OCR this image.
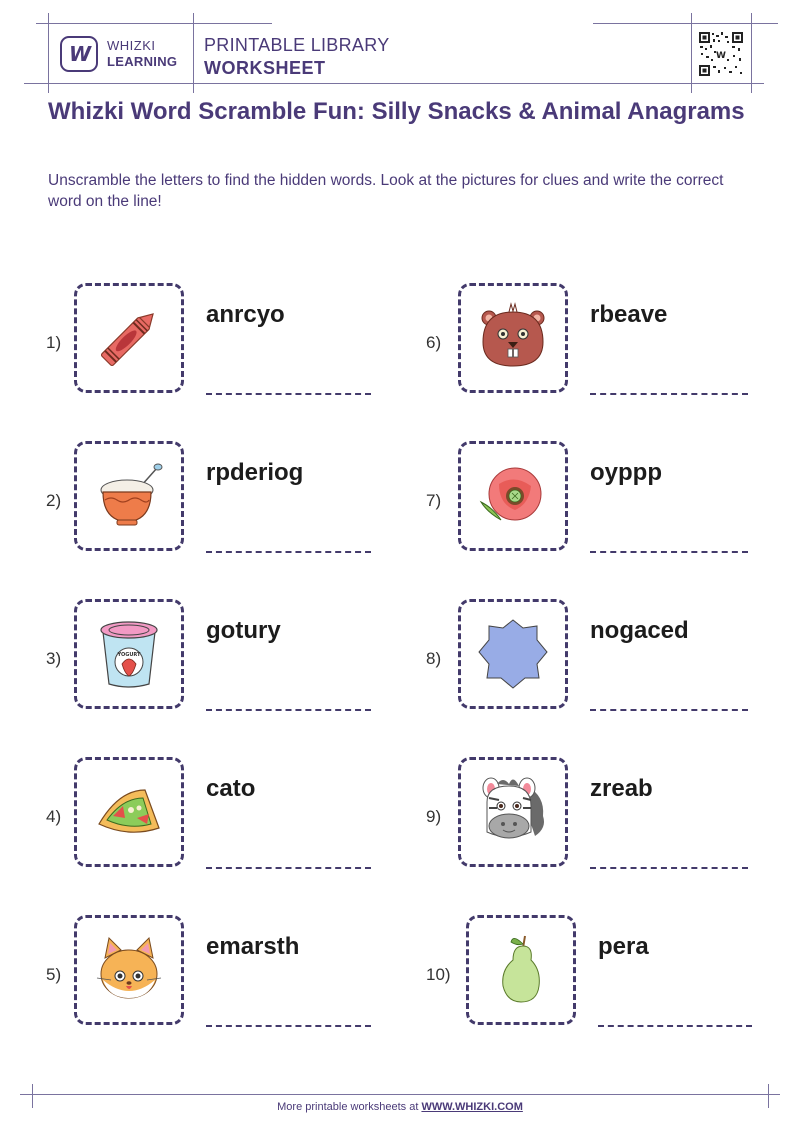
W WHIZKI
LEARNING
PRINTABLE LIBRARY
WORKSHEET
W
Whizki Word Scramble Fun: Silly Snacks & Animal Anagrams

Unscramble the letters to find the hidden words. Look at the pictures for clues and write the correct word on the line!

1)
anrcyo
2)
rpderiog
3)	YOGURT
gotury
4)
cato
5)
emarsth
6)
rbeave
7)
oyppp
8)
nogaced
9)
zreab
10)
pera
More printable worksheets at WWW.WHIZKI.COM
